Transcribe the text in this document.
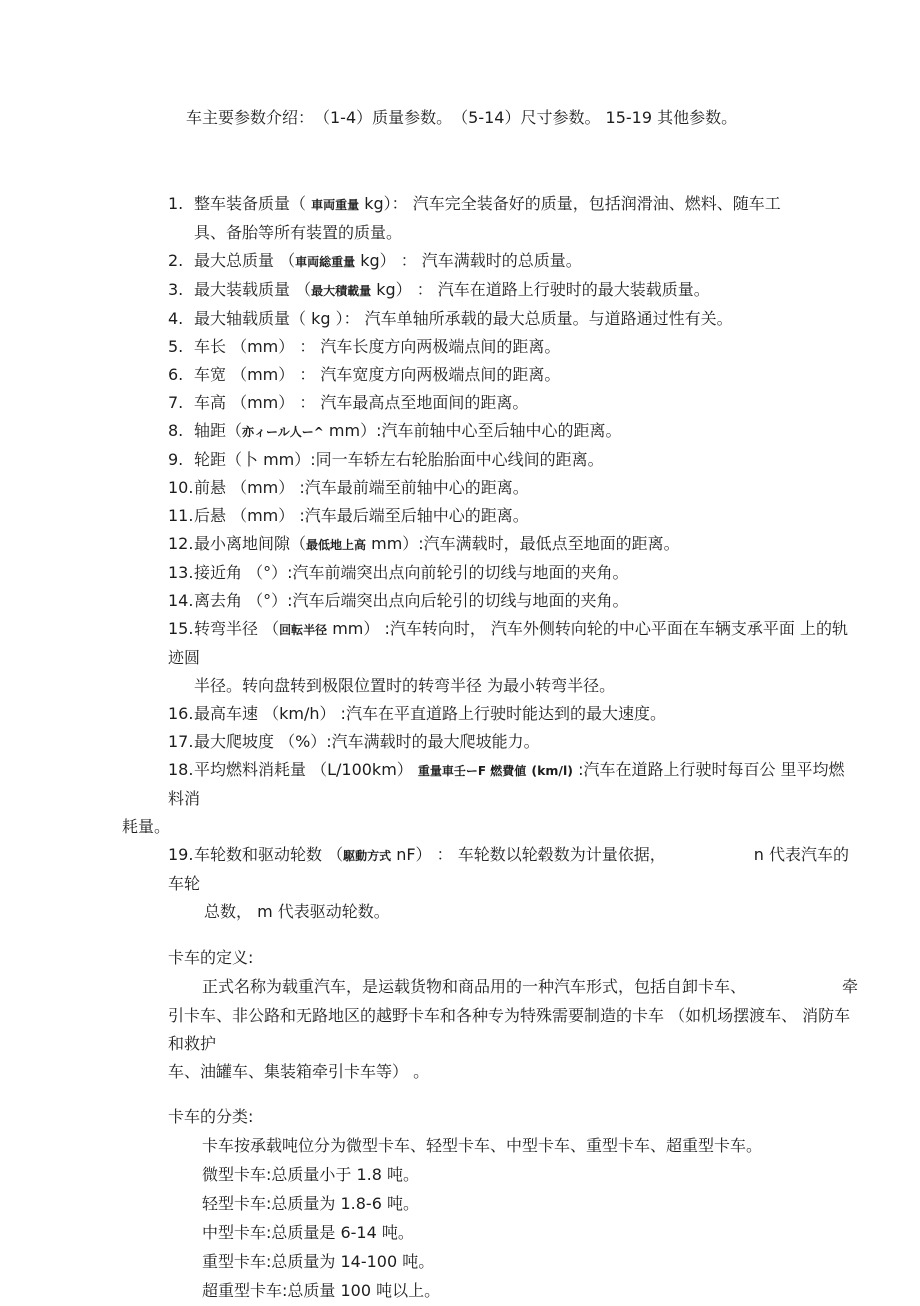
车主要参数介绍：　（1-4）质量参数。　（5-14）尺寸参数。 15-19 其他参数。
1. 整车装备质量（ 車両重量 kg）： 汽车完全装备好的质量，包括润滑油、燃料、随车工
具、备胎等所有装置的质量。
2. 最大总质量 （車両総重量 kg） ： 汽车满载时的总质量。
3. 最大装载质量 （最大積載量 kg） ： 汽车在道路上行驶时的最大装载质量。
4. 最大轴载质量（ kg ）： 汽车单轴所承载的最大总质量。与道路通过性有关。
5. 车长 （mm） ： 汽车长度方向两极端点间的距离。
6. 车宽 （mm） ： 汽车宽度方向两极端点间的距离。
7. 车高 （mm） ： 汽车最高点至地面间的距离。
8. 轴距（亦ィール人ー^ mm）:汽车前轴中心至后轴中心的距离。
9. 轮距（卜 mm）:同一车轿左右轮胎胎面中心线间的距离。
10.前悬 （mm） :汽车最前端至前轴中心的距离。
11.后悬 （mm） :汽车最后端至后轴中心的距离。
12.最小离地间隙（最低地上高 mm）:汽车满载时，最低点至地面的距离。
13.接近角 （°）:汽车前端突出点向前轮引的切线与地面的夹角。
14.离去角 （°）:汽车后端突出点向后轮引的切线与地面的夹角。
15.转弯半径 （回転半径 mm） :汽车转向时， 汽车外侧转向轮的中心平面在车辆支承平面 上的轨迹圆
半径。转向盘转到极限位置时的转弯半径 为最小转弯半径。
16.最高车速 （km/h） :汽车在平直道路上行驶时能达到的最大速度。
17.最大爬坡度 （%）:汽车满载时的最大爬坡能力。
18.平均燃料消耗量 （L/100km） 重量車壬ーF 燃費値 (km/l) :汽车在道路上行驶时每百公 里平均燃料消
耗量。
19.车轮数和驱动轮数 （駆動方式 nF） ： 车轮数以轮毂数为计量依据，　　　　　　n 代表汽车的车轮
总数， m 代表驱动轮数。
卡车的定义:
正式名称为载重汽车，是运载货物和商品用的一种汽车形式，包括自卸卡车、	牵
引卡车、非公路和无路地区的越野卡车和各种专为特殊需要制造的卡车 （如机场摆渡车、 消防车和救护
车、油罐车、集装箱牵引卡车等） 。
卡车的分类:
卡车按承载吨位分为微型卡车、轻型卡车、中型卡车、重型卡车、超重型卡车。
微型卡车:总质量小于 1.8 吨。
轻型卡车:总质量为 1.8-6 吨。
中型卡车:总质量是 6-14 吨。
重型卡车:总质量为 14-100 吨。
超重型卡车:总质量 100 吨以上。
